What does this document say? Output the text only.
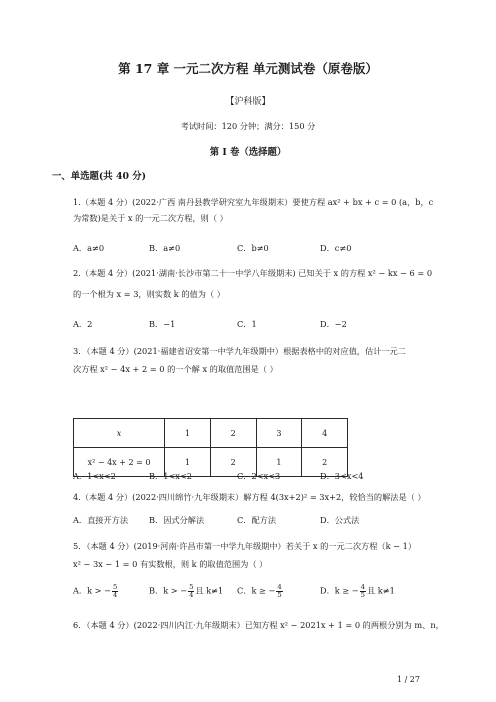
第 17 章 一元二次方程 单元测试卷（原卷版）
【沪科版】
考试时间：120 分钟；满分：150 分
第 I 卷（选择题）
一、单选题(共 40 分)
1.（本题 4 分）(2022·广西 南丹县教学研究室九年级期末）要使方程 ax² + bx + c = 0 (a，b，c
为常数)是关于 x 的一元二次方程，则（ ）
A．a≠0	B．a≠0	C．b≠0	D．c≠0
2.（本题 4 分）(2021·湖南·长沙市第二十一中学八年级期末) 已知关于 x 的方程 x² − kx − 6 = 0
的一个根为 x = 3，则实数 k 的值为（ ）
A．2	B．−1	C．1	D．−2
3．（本题 4 分）(2021·福建省诏安第一中学九年级期中）根据表格中的对应值，估计一元二
次方程 x² − 4x + 2 = 0 的一个解 x 的取值范围是（ ）
x	1	2	3	4
x² − 4x + 2 = 0	1	2	1	2
A．1<x<2	B．1<x<2	C．2<x<3	D．3<x<4
4.（本题 4 分）(2022·四川绵竹·九年级期末）解方程 4(3x+2)² = 3x+2，较恰当的解法是（ ）
A．直接开方法	B．因式分解法	C．配方法	D．公式法
5．（本题 4 分）(2019·河南·许昌市第一中学九年级期中）若关于 x 的一元二次方程（k − 1）
x² − 3x − 1 = 0 有实数根，则 k 的取值范围为（ ）
A．k > − $\frac{5}{4}$	B．k > − $\frac{5}{4}$ 且 k≠1 C．k ≥ − $\frac{4}{5}$	D．k ≥ − $\frac{4}{5}$ 且 k≠1
6．（本题 4 分）(2022·四川内江·九年级期末）已知方程 x² − 2021x + 1 = 0 的两根分别为 m、n，
1 / 27
